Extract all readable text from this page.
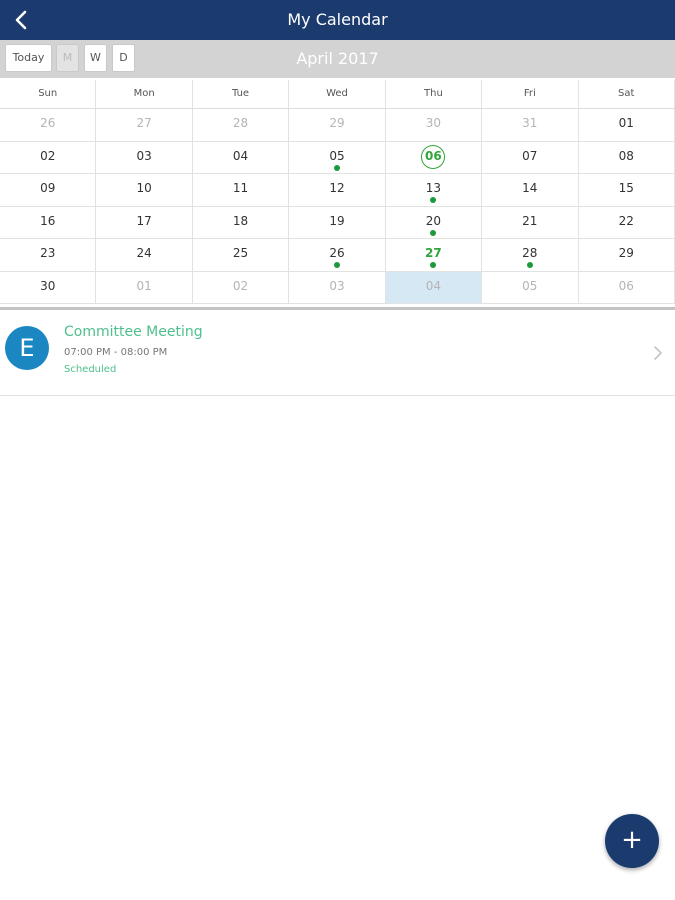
My Calendar
Today	M	W	D	April 2017
Sun	Mon	Tue	Wed	Thu	Fri	Sat
26	27	28	29	30	31	01
02	03	04	05	06	07	08
09	10	11	12	13	14	15
16	17	18	19	20	21	22
23	24	25	26	27	28	29
30	01	02	03	04	05	06
E
Committee Meeting
07:00 PM - 08:00 PM
Scheduled
+
